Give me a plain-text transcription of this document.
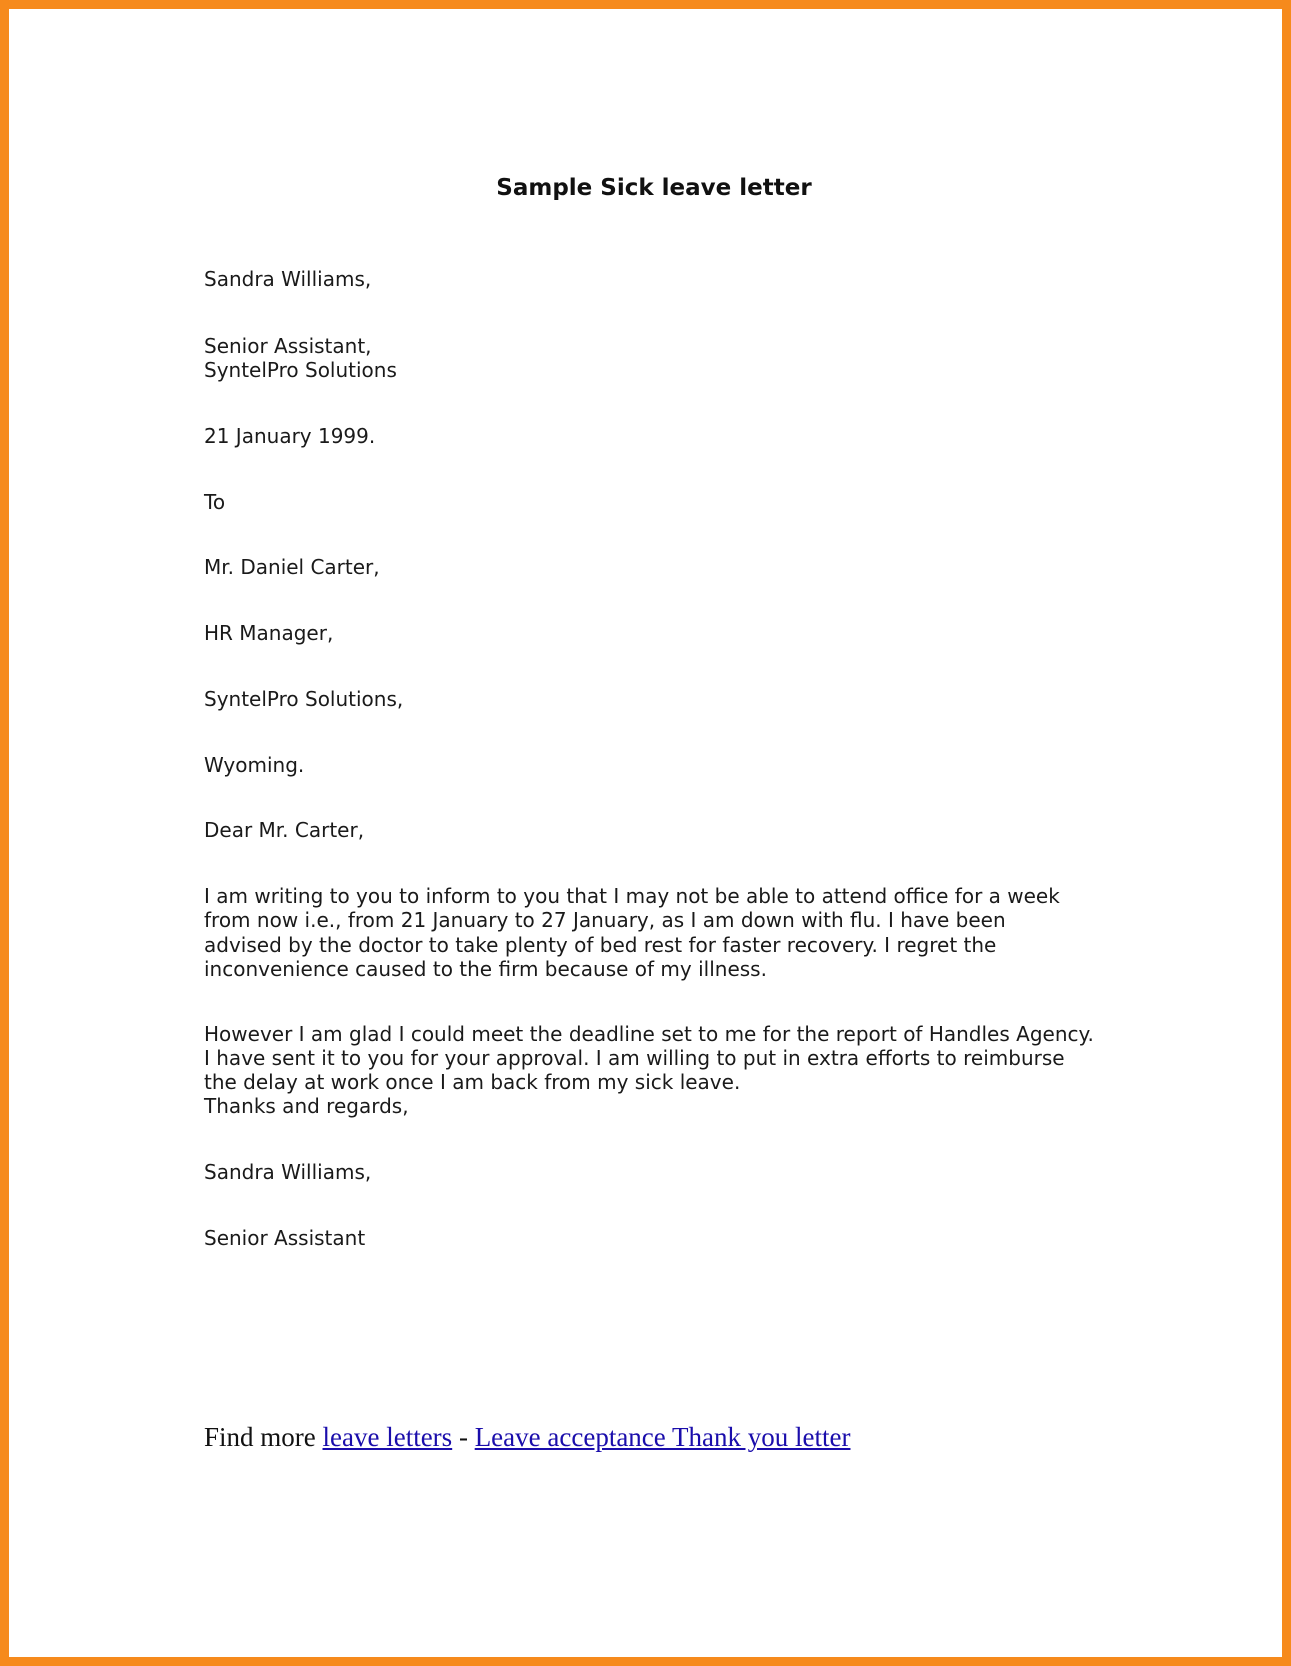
Sample Sick leave letter

Sandra Williams,

Senior Assistant,

SyntelPro Solutions

21 January 1999.

To

Mr. Daniel Carter,

HR Manager,

SyntelPro Solutions,

Wyoming.

Dear Mr. Carter,

I am writing to you to inform to you that I may not be able to attend office for a week

from now i.e., from 21 January to 27 January, as I am down with flu. I have been

advised by the doctor to take plenty of bed rest for faster recovery. I regret the

inconvenience caused to the firm because of my illness.

However I am glad I could meet the deadline set to me for the report of Handles Agency.

I have sent it to you for your approval. I am willing to put in extra efforts to reimburse

the delay at work once I am back from my sick leave.

Thanks and regards,

Sandra Williams,

Senior Assistant

Find more leave letters - Leave acceptance Thank you letter
